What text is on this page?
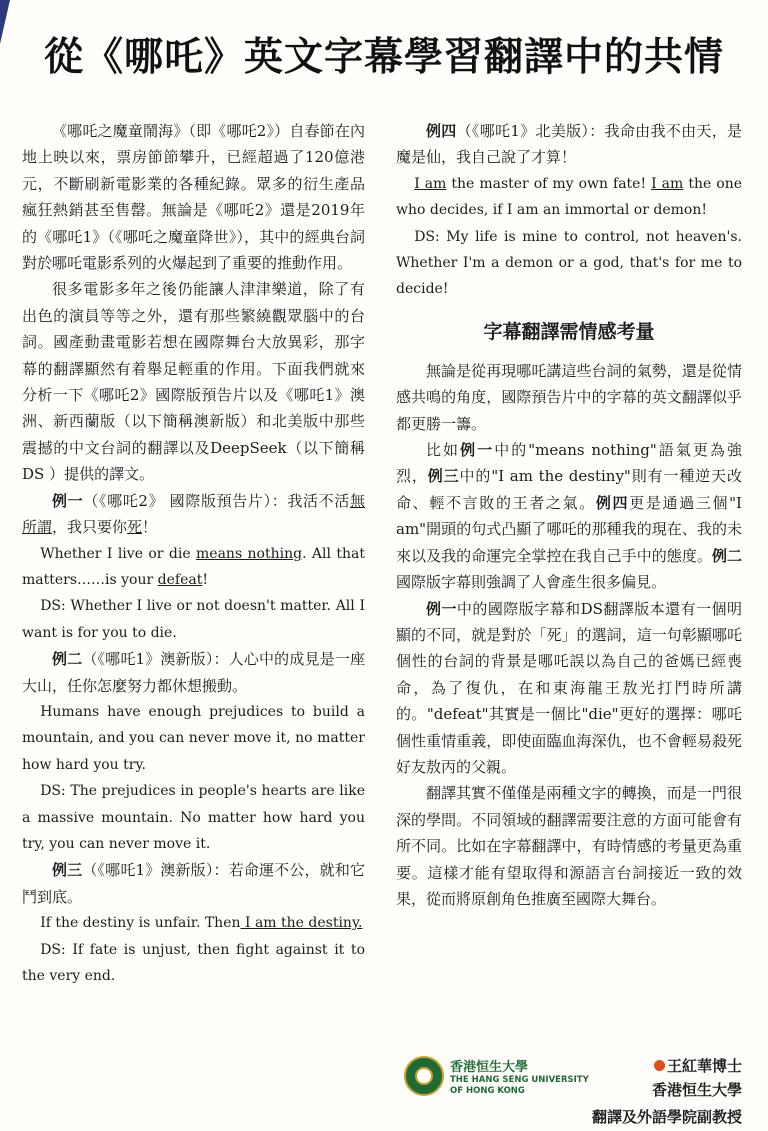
從《哪吒》英文字幕學習翻譯中的共情

《哪吒之魔童鬧海》（即《哪吒2》）自春節在內地上映以來，票房節節攀升，已經超過了120億港元，不斷刷新電影業的各種紀錄。眾多的衍生產品瘋狂熱銷甚至售罄。無論是《哪吒2》還是2019年的《哪吒1》（《哪吒之魔童降世》），其中的經典台詞對於哪吒電影系列的火爆起到了重要的推動作用。

很多電影多年之後仍能讓人津津樂道，除了有出色的演員等等之外，還有那些繁繞觀眾腦中的台詞。國產動畫電影若想在國際舞台大放異彩，那字幕的翻譯顯然有着舉足輕重的作用。下面我們就來分析一下《哪吒2》國際版預告片以及《哪吒1》澳洲、新西蘭版（以下簡稱澳新版）和北美版中那些震撼的中文台詞的翻譯以及DeepSeek（以下簡稱DS ）提供的譯文。

例一（《哪吒2》 國際版預告片）：我活不活無所謂，我只要你死！

Whether I live or die means nothing. All that matters……is your defeat!

DS: Whether I live or not doesn't matter. All I want is for you to die.

例二（《哪吒1》澳新版）：人心中的成見是一座大山，任你怎麼努力都休想搬動。

Humans have enough prejudices to build a mountain, and you can never move it, no matter how hard you try.

DS: The prejudices in people's hearts are like a massive mountain. No matter how hard you try, you can never move it.

例三（《哪吒1》澳新版）：若命運不公，就和它鬥到底。

If the destiny is unfair. Then I am the destiny.

DS: If fate is unjust, then fight against it to the very end.

例四（《哪吒1》北美版）：我命由我不由天，是魔是仙，我自己說了才算！

I am the master of my own fate! I am the one who decides, if I am an immortal or demon!

DS: My life is mine to control, not heaven's. Whether I'm a demon or a god, that's for me to decide!

字幕翻譯需情感考量

無論是從再現哪吒講這些台詞的氣勢，還是從情感共鳴的角度，國際預告片中的字幕的英文翻譯似乎都更勝一籌。

比如例一中的"means nothing"語氣更為強烈，例三中的"I am the destiny"則有一種逆天改命、輕不言敗的王者之氣。例四更是通過三個"I am"開頭的句式凸顯了哪吒的那種我的現在、我的未來以及我的命運完全掌控在我自己手中的態度。例二國際版字幕則強調了人會產生很多偏見。

例一中的國際版字幕和DS翻譯版本還有一個明顯的不同，就是對於「死」的選詞，這一句彰顯哪吒個性的台詞的背景是哪吒誤以為自己的爸媽已經喪命，為了復仇，在和東海龍王敖光打鬥時所講的。"defeat"其實是一個比"die"更好的選擇：哪吒個性重情重義，即使面臨血海深仇，也不會輕易殺死好友敖丙的父親。

翻譯其實不僅僅是兩種文字的轉換，而是一門很深的學問。不同領域的翻譯需要注意的方面可能會有所不同。比如在字幕翻譯中，有時情感的考量更為重要。這樣才能有望取得和源語言台詞接近一致的效果，從而將原創角色推廣至國際大舞台。

香港恒生大學
THE HANG SENG UNIVERSITY
OF HONG KONG
王紅華博士
香港恒生大學
翻譯及外語學院副教授
